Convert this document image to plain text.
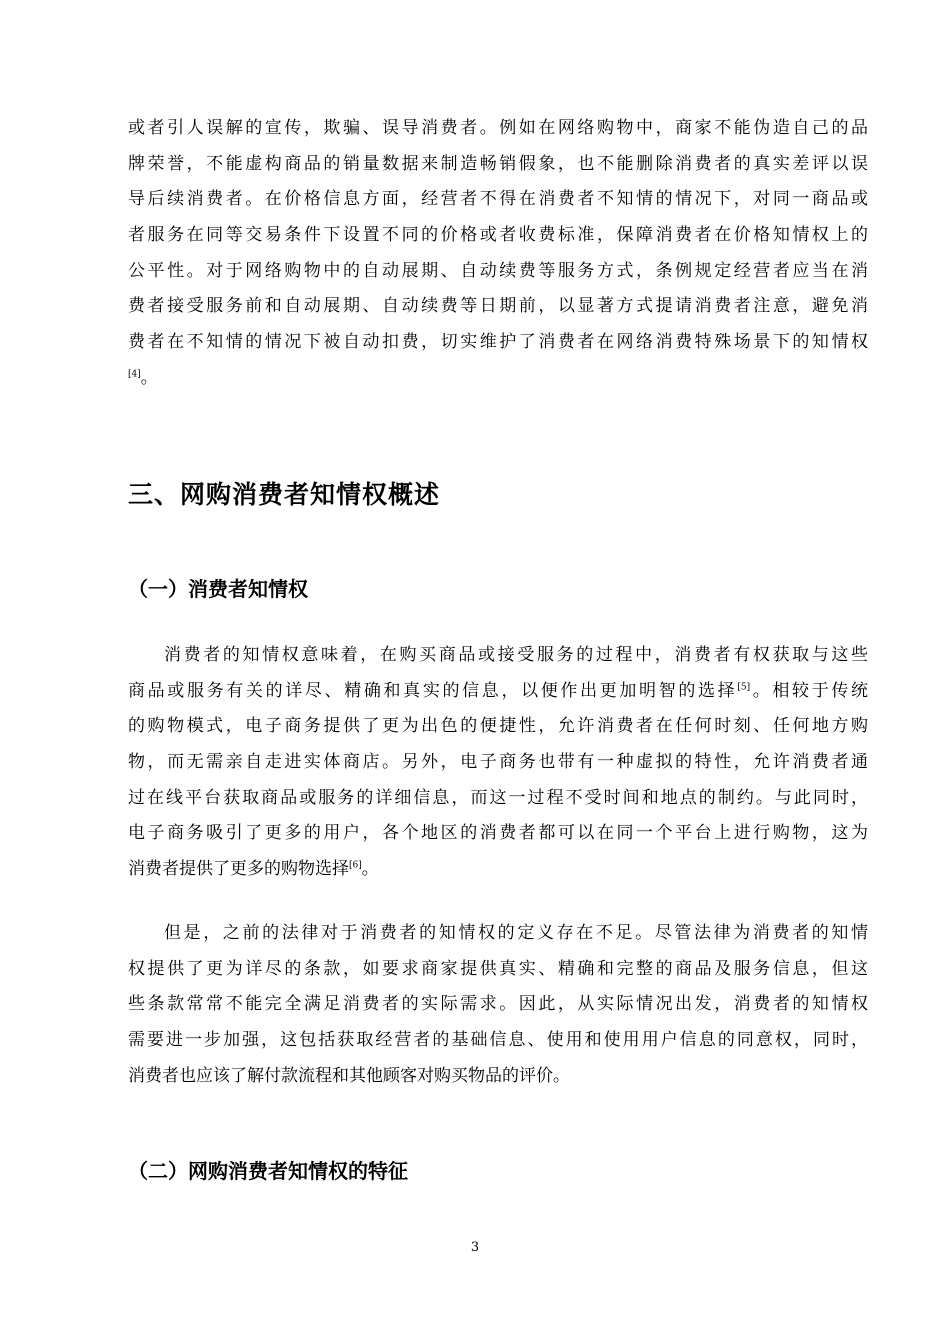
或者引人误解的宣传，欺骗、误导消费者。例如在网络购物中，商家不能伪造自己的品
牌荣誉，不能虚构商品的销量数据来制造畅销假象，也不能删除消费者的真实差评以误
导后续消费者。在价格信息方面，经营者不得在消费者不知情的情况下，对同一商品或
者服务在同等交易条件下设置不同的价格或者收费标准，保障消费者在价格知情权上的
公平性。对于网络购物中的自动展期、自动续费等服务方式，条例规定经营者应当在消
费者接受服务前和自动展期、自动续费等日期前，以显著方式提请消费者注意，避免消
费者在不知情的情况下被自动扣费，切实维护了消费者在网络消费特殊场景下的知情权
[4]。
三、网购消费者知情权概述
（一）消费者知情权
消费者的知情权意味着，在购买商品或接受服务的过程中，消费者有权获取与这些
商品或服务有关的详尽、精确和真实的信息，以便作出更加明智的选择[5]。相较于传统
的购物模式，电子商务提供了更为出色的便捷性，允许消费者在任何时刻、任何地方购
物，而无需亲自走进实体商店。另外，电子商务也带有一种虚拟的特性，允许消费者通
过在线平台获取商品或服务的详细信息，而这一过程不受时间和地点的制约。与此同时，
电子商务吸引了更多的用户，各个地区的消费者都可以在同一个平台上进行购物，这为
消费者提供了更多的购物选择[6]。
但是，之前的法律对于消费者的知情权的定义存在不足。尽管法律为消费者的知情
权提供了更为详尽的条款，如要求商家提供真实、精确和完整的商品及服务信息，但这
些条款常常不能完全满足消费者的实际需求。因此，从实际情况出发，消费者的知情权
需要进一步加强，这包括获取经营者的基础信息、使用和使用用户信息的同意权，同时，
消费者也应该了解付款流程和其他顾客对购买物品的评价。
（二）网购消费者知情权的特征
3
